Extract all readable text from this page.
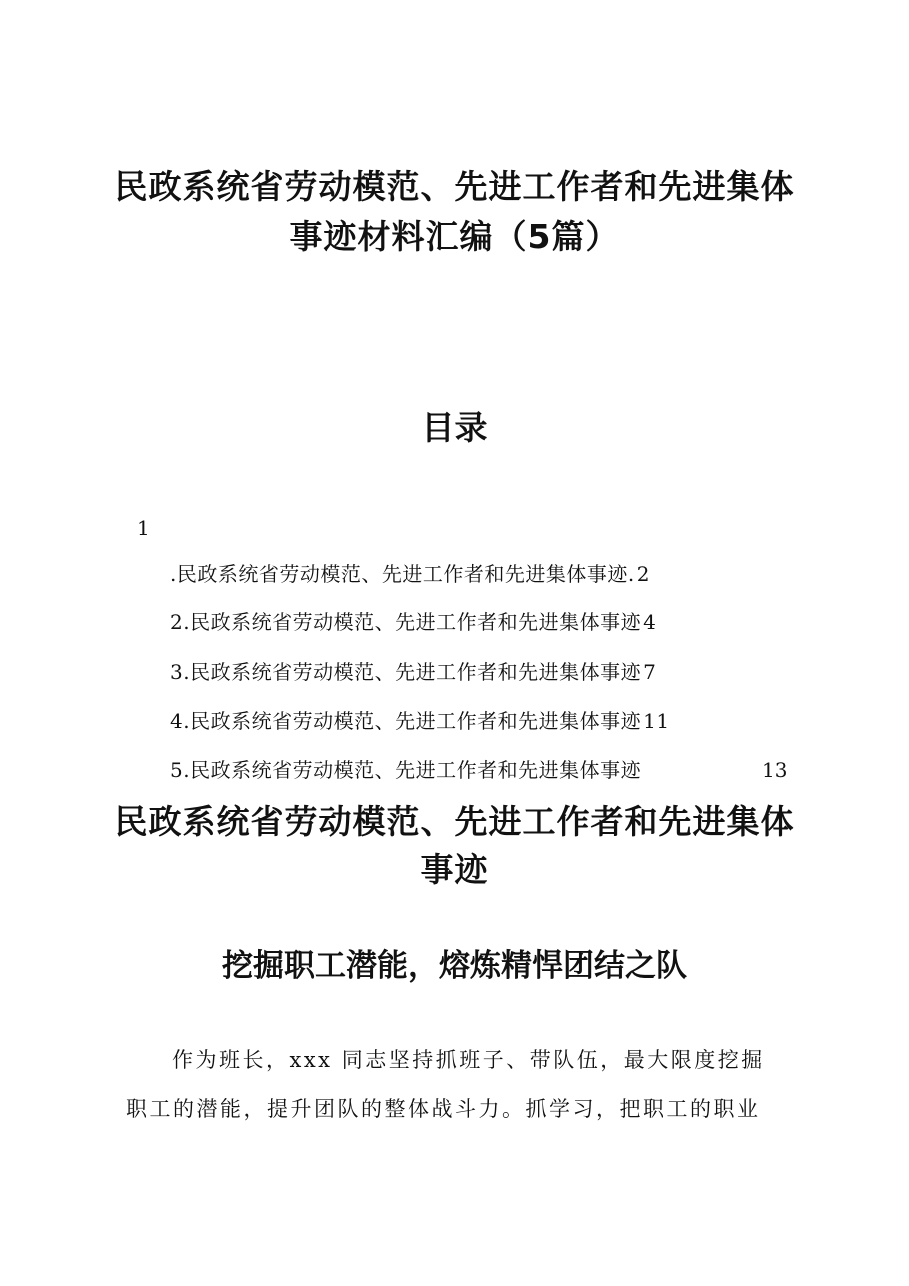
民政系统省劳动模范、先进工作者和先进集体
事迹材料汇编（5篇）
目录
1
.民政系统省劳动模范、先进工作者和先进集体事迹. 2
2.民政系统省劳动模范、先进工作者和先进集体事迹 4
3.民政系统省劳动模范、先进工作者和先进集体事迹 7
4.民政系统省劳动模范、先进工作者和先进集体事迹 11
5.民政系统省劳动模范、先进工作者和先进集体事迹	13
民政系统省劳动模范、先进工作者和先进集体
事迹
挖掘职工潜能，熔炼精悍团结之队
作为班长，xxx 同志坚持抓班子、带队伍，最大限度挖掘
职工的潜能，提升团队的整体战斗力。抓学习，把职工的职业
